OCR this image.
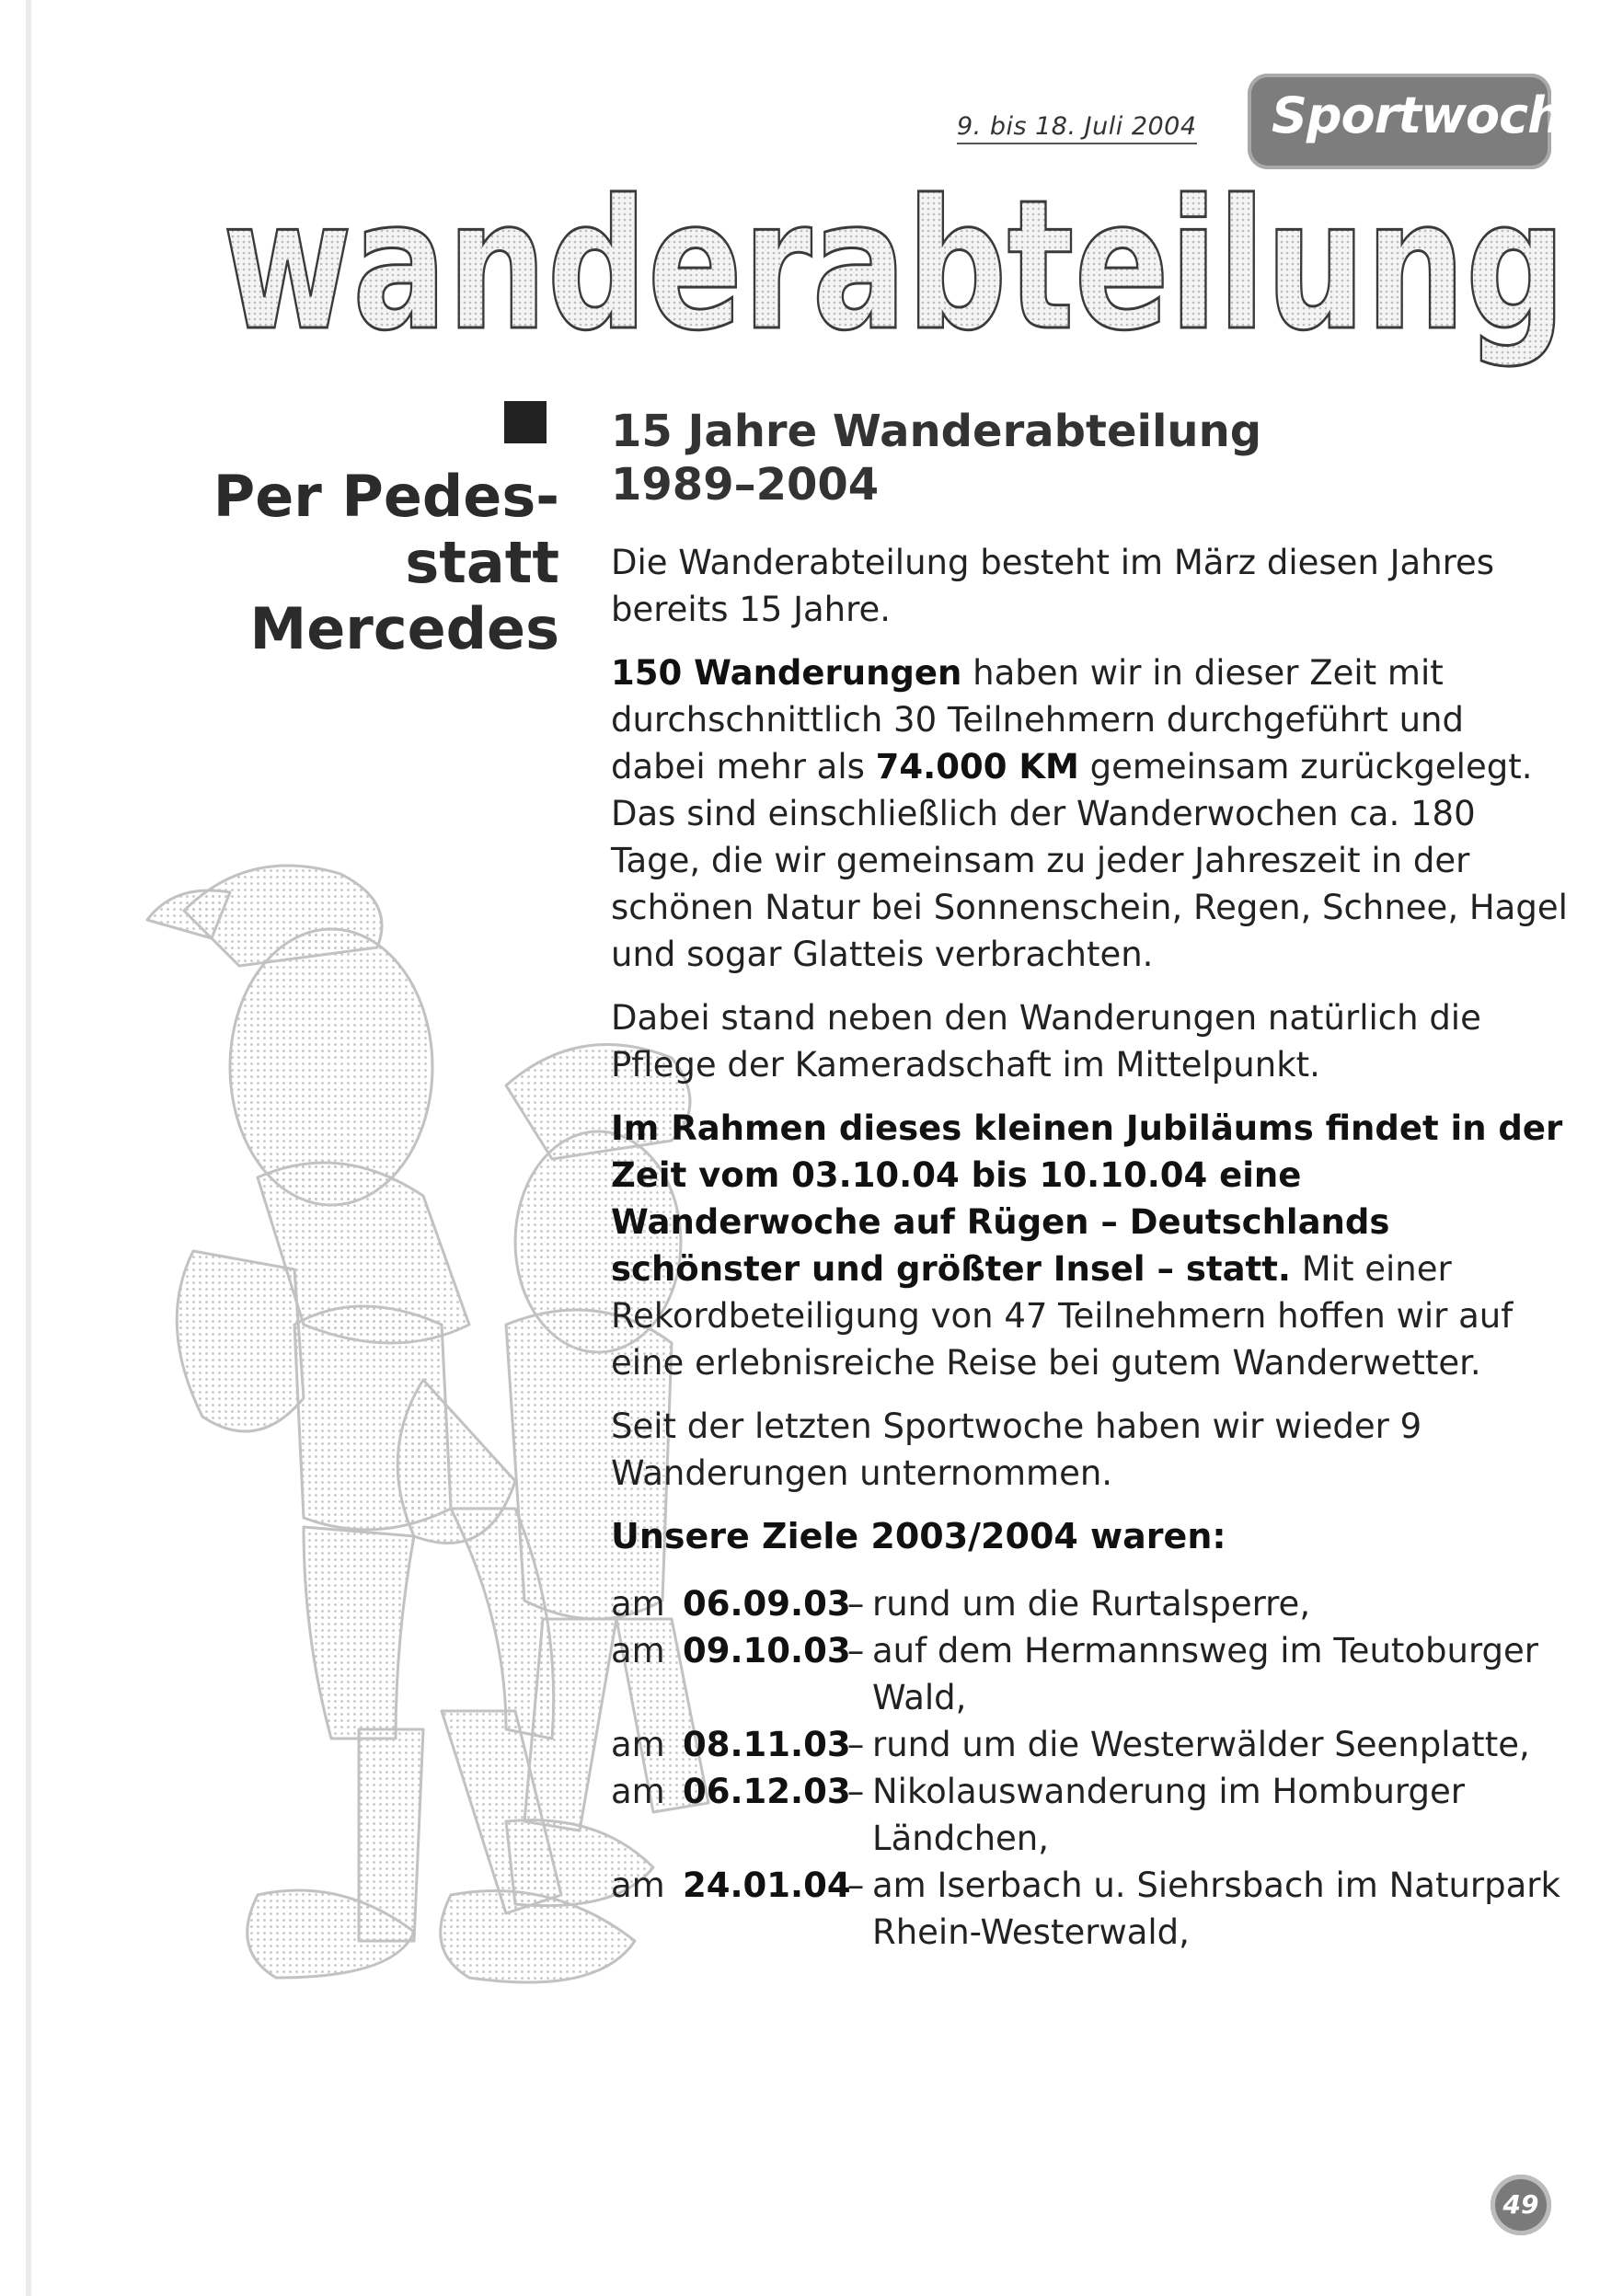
9. bis 18. Juli 2004 Sportwoche
wanderabteilung
Per Pedes-
statt
Mercedes
15 Jahre Wanderabteilung
1989–2004

Die Wanderabteilung besteht im März diesen Jahres bereits 15 Jahre.

150 Wanderungen haben wir in dieser Zeit mit durchschnittlich 30 Teilnehmern durchgeführt und dabei mehr als 74.000 KM gemeinsam zurückgelegt. Das sind einschließlich der Wanderwochen ca. 180 Tage, die wir gemeinsam zu jeder Jahreszeit in der schönen Natur bei Sonnenschein, Regen, Schnee, Hagel und sogar Glatteis verbrachten.

Dabei stand neben den Wanderungen natürlich die Pflege der Kameradschaft im Mittelpunkt.

Im Rahmen dieses kleinen Jubiläums findet in der Zeit vom 03.10.04 bis 10.10.04 eine Wanderwoche auf Rügen – Deutschlands schönster und größter Insel – statt. Mit einer Rekordbeteiligung von 47 Teilnehmern hoffen wir auf eine erlebnisreiche Reise bei gutem Wanderwetter.

Seit der letzten Sportwoche haben wir wieder 9 Wanderungen unternommen.

Unsere Ziele 2003/2004 waren:
am 06.09.03
– rund um die Rurtalsperre,
am 09.10.03
– auf dem Hermannsweg im Teutoburger Wald,
am 08.11.03
– rund um die Westerwälder Seenplatte,
am 06.12.03
– Nikolauswanderung im Homburger Ländchen,
am 24.01.04
– am Iserbach u. Siehrsbach im Naturpark Rhein-Westerwald,
49
